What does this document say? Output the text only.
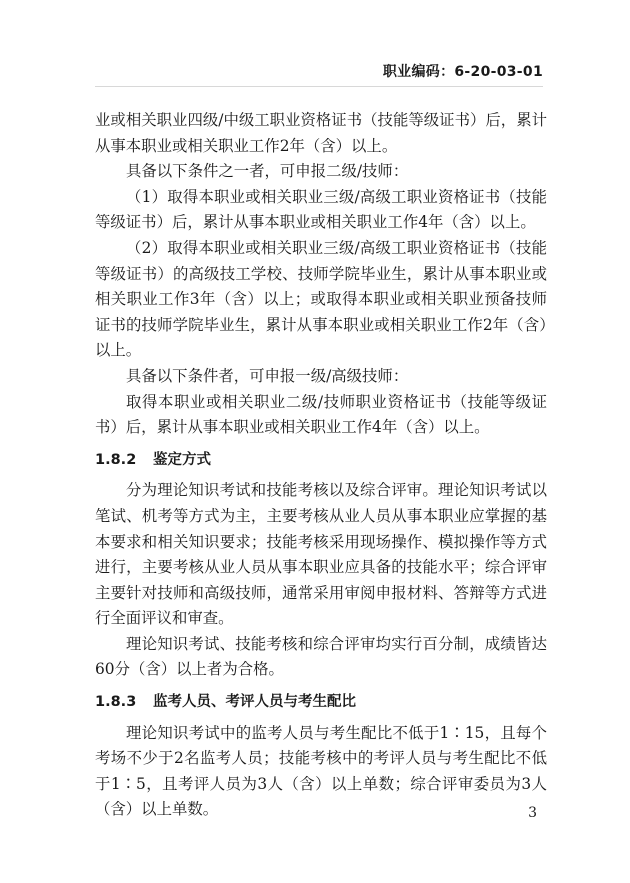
职业编码：6-20-03-01

业或相关职业四级/中级工职业资格证书（技能等级证书）后，累计从事本职业或相关职业工作2年（含）以上。

具备以下条件之一者，可申报二级/技师：

（1）取得本职业或相关职业三级/高级工职业资格证书（技能等级证书）后，累计从事本职业或相关职业工作4年（含）以上。

（2）取得本职业或相关职业三级/高级工职业资格证书（技能等级证书）的高级技工学校、技师学院毕业生，累计从事本职业或相关职业工作3年（含）以上；或取得本职业或相关职业预备技师证书的技师学院毕业生，累计从事本职业或相关职业工作2年（含）以上。

具备以下条件者，可申报一级/高级技师：

取得本职业或相关职业二级/技师职业资格证书（技能等级证书）后，累计从事本职业或相关职业工作4年（含）以上。

1.8.2 鉴定方式

分为理论知识考试和技能考核以及综合评审。理论知识考试以笔试、机考等方式为主，主要考核从业人员从事本职业应掌握的基本要求和相关知识要求；技能考核采用现场操作、模拟操作等方式进行，主要考核从业人员从事本职业应具备的技能水平；综合评审主要针对技师和高级技师，通常采用审阅申报材料、答辩等方式进行全面评议和审查。

理论知识考试、技能考核和综合评审均实行百分制，成绩皆达60分（含）以上者为合格。

1.8.3 监考人员、考评人员与考生配比

理论知识考试中的监考人员与考生配比不低于1∶15，且每个考场不少于2名监考人员；技能考核中的考评人员与考生配比不低于1∶5，且考评人员为3人（含）以上单数；综合评审委员为3人（含）以上单数。	3
